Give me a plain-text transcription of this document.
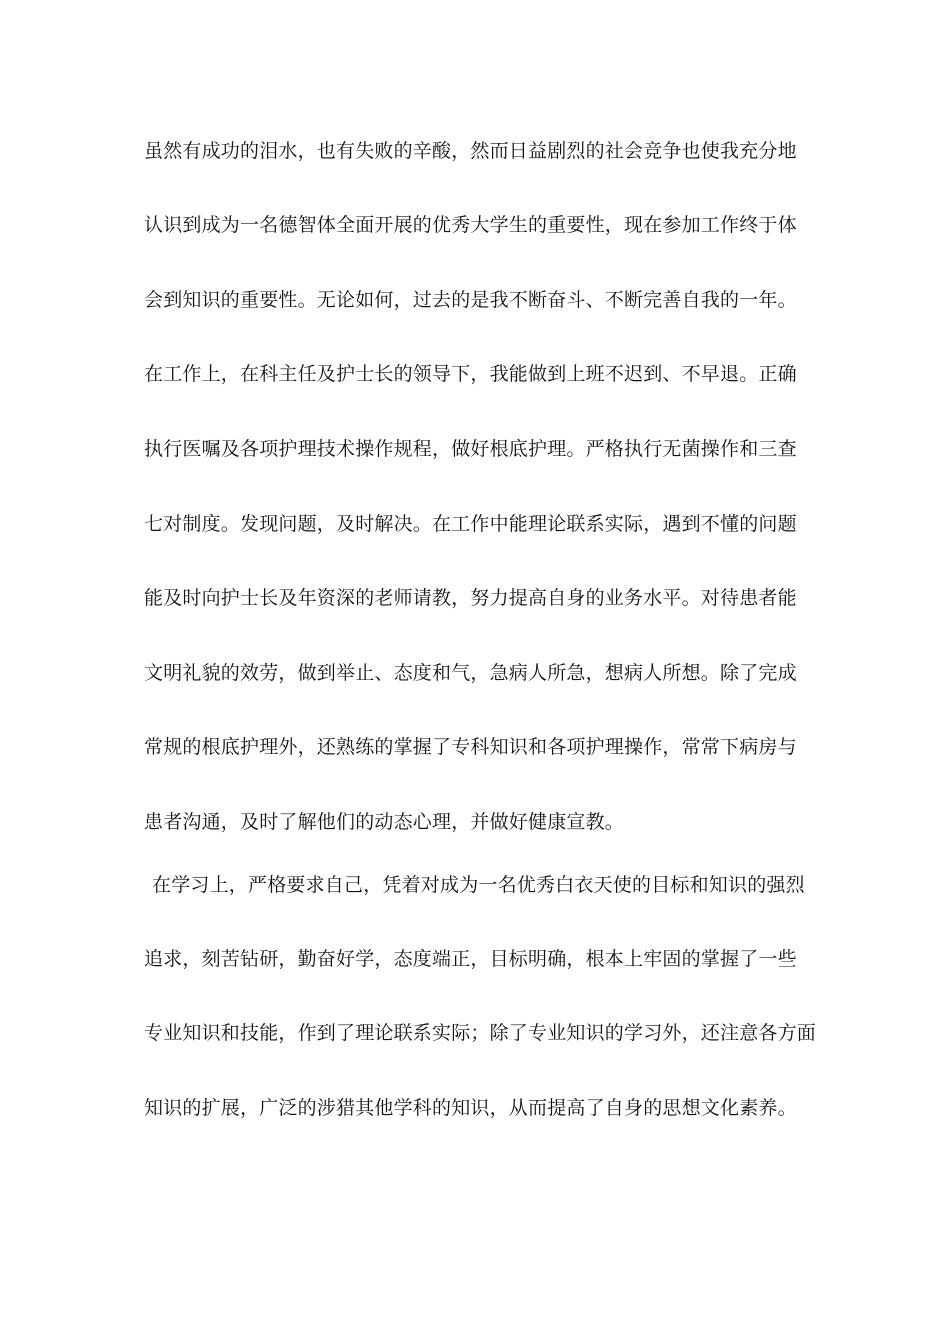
虽然有成功的泪水，也有失败的辛酸，然而日益剧烈的社会竞争也使我充分地
认识到成为一名德智体全面开展的优秀大学生的重要性，现在参加工作终于体
会到知识的重要性。无论如何，过去的是我不断奋斗、不断完善自我的一年。
在工作上，在科主任及护士长的领导下，我能做到上班不迟到、不早退。正确
执行医嘱及各项护理技术操作规程，做好根底护理。严格执行无菌操作和三查
七对制度。发现问题，及时解决。在工作中能理论联系实际，遇到不懂的问题
能及时向护士长及年资深的老师请教，努力提高自身的业务水平。对待患者能
文明礼貌的效劳，做到举止、态度和气，急病人所急，想病人所想。除了完成
常规的根底护理外，还熟练的掌握了专科知识和各项护理操作，常常下病房与
患者沟通，及时了解他们的动态心理，并做好健康宣教。
在学习上，严格要求自己，凭着对成为一名优秀白衣天使的目标和知识的强烈
追求，刻苦钻研，勤奋好学，态度端正，目标明确，根本上牢固的掌握了一些
专业知识和技能，作到了理论联系实际；除了专业知识的学习外，还注意各方面
知识的扩展，广泛的涉猎其他学科的知识，从而提高了自身的思想文化素养。
